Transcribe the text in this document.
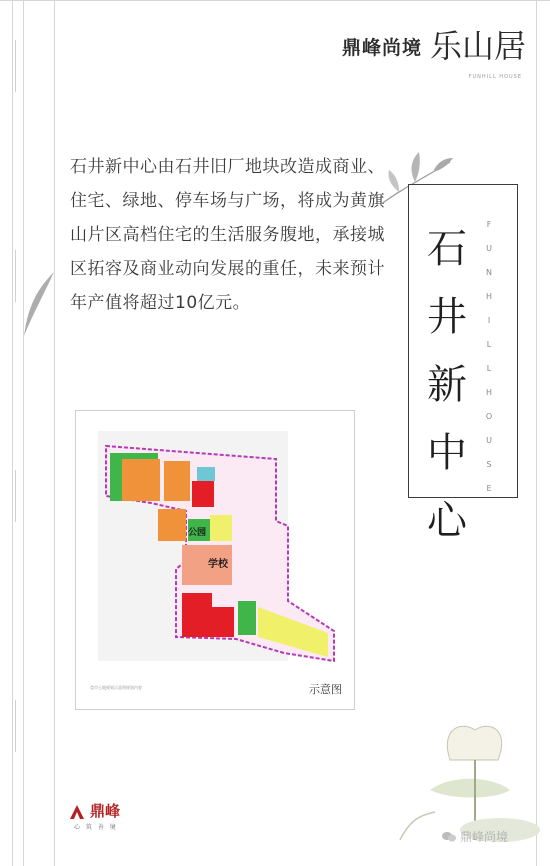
鼎峰尚境 乐山居
FUNHILL HOUSE
石井新中心由石井旧厂地块改造成商业、住宅、绿地、停车场与广场，将成为黄旗山片区高档住宅的生活服务腹地，承接城区拓容及商业动向发展的重任，未来预计年产值将超过10亿元。
石井新中心
F
U
N
H
I
L
L
H
O
U
S
E
公园
学校
莞市土地规划示意图规划内容	示意图
鼎峰
心 筑 善 境
鼎峰尚境
